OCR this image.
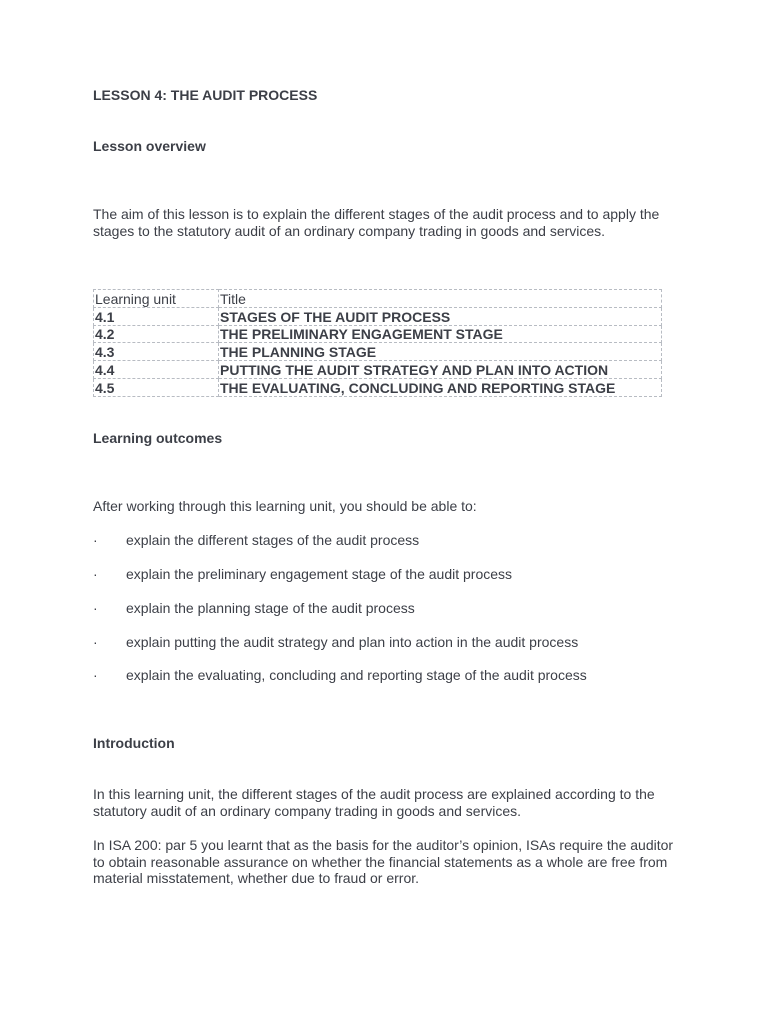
LESSON 4: THE AUDIT PROCESS
Lesson overview

The aim of this lesson is to explain the different stages of the audit process and to apply the stages to the statutory audit of an ordinary company trading in goods and services.

Learning unit	Title
4.1	STAGES OF THE AUDIT PROCESS
4.2	THE PRELIMINARY ENGAGEMENT STAGE
4.3	THE PLANNING STAGE
4.4	PUTTING THE AUDIT STRATEGY AND PLAN INTO ACTION
4.5	THE EVALUATING, CONCLUDING AND REPORTING STAGE
Learning outcomes

After working through this learning unit, you should be able to:

·	explain the different stages of the audit process
·	explain the preliminary engagement stage of the audit process
·	explain the planning stage of the audit process
·	explain putting the audit strategy and plan into action in the audit process
·	explain the evaluating, concluding and reporting stage of the audit process
Introduction

In this learning unit, the different stages of the audit process are explained according to the statutory audit of an ordinary company trading in goods and services.

In ISA 200: par 5 you learnt that as the basis for the auditor’s opinion, ISAs require the auditor to obtain reasonable assurance on whether the financial statements as a whole are free from material misstatement, whether due to fraud or error.
